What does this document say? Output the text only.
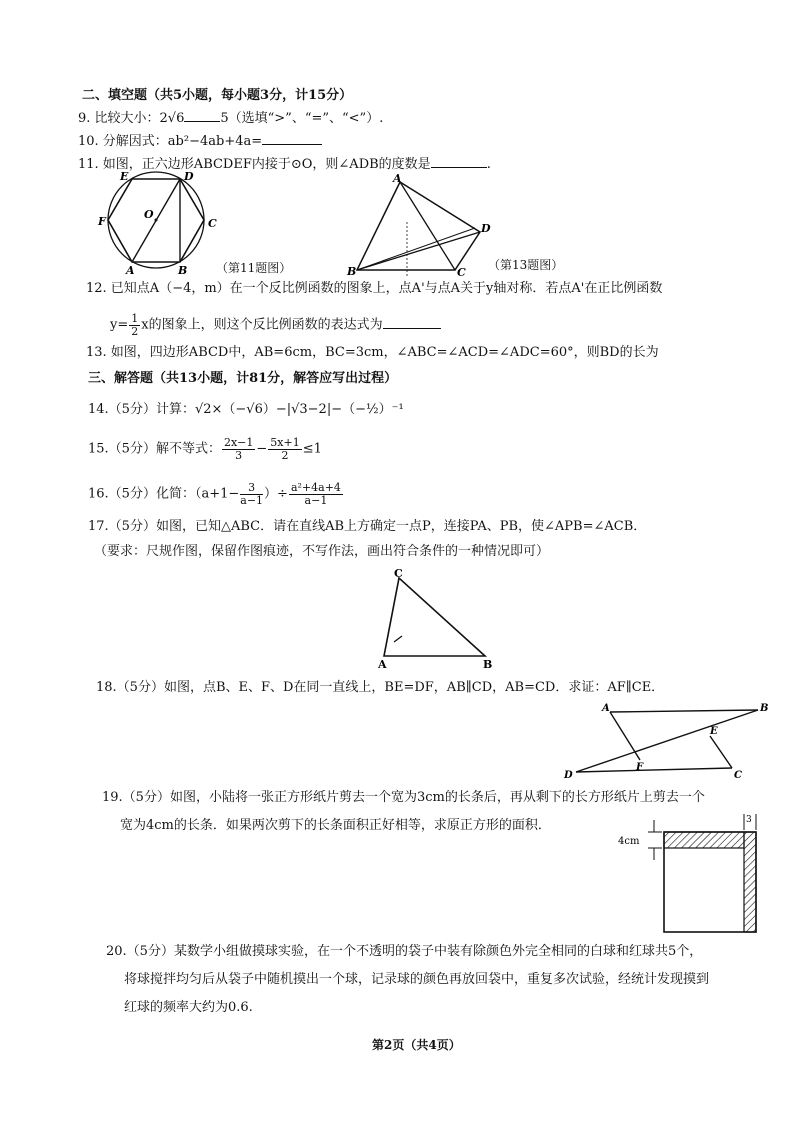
二、填空题（共5小题，每小题3分，计15分）
9. 比较大小：2√6	5（选填“>”、“=”、“<”）.
10. 分解因式：ab²−4ab+4a=
11. 如图，正六边形ABCDEF内接于⊙O，则∠ADB的度数是	.
E	D
F
O
C
A	B （第11题图）
A
D
B	C
（第13题图）
12. 已知点A（−4，m）在一个反比例函数的图象上，点A'与点A关于y轴对称．若点A'在正比例函数
$y= \frac{1}{2}$ x的图象上，则这个反比例函数的表达式为
13. 如图，四边形ABCD中，AB=6cm，BC=3cm，∠ABC=∠ACD=∠ADC=60°，则BD的长为
三、解答题（共13小题，计81分，解答应写出过程）
14.（5分）计算：√2×（−√6）−|√3−2|−（−½）⁻¹
15.（5分）解不等式： $\frac{2x-1}{3} - \frac{5x+1}{2} \le 1$
16.（5分）化简：（$a+1- \frac{3}{a-1}$ ）÷ $\frac{\text{a²+4a+4}}{a-1}$
17.（5分）如图，已知△ABC．请在直线AB上方确定一点P，连接PA、PB，使∠APB=∠ACB．
（要求：尺规作图，保留作图痕迹，不写作法，画出符合条件的一种情况即可）
C
A	B
18.（5分）如图，点B、E、F、D在同一直线上，BE=DF，AB∥CD，AB=CD．求证：AF∥CE．
A	B
E
F
D	C
19.（5分）如图，小陆将一张正方形纸片剪去一个宽为3cm的长条后，再从剩下的长方形纸片上剪去一个
宽为4cm的长条．如果两次剪下的长条面积正好相等，求原正方形的面积．
4cm
3
20.（5分）某数学小组做摸球实验，在一个不透明的袋子中装有除颜色外完全相同的白球和红球共5个，
将球搅拌均匀后从袋子中随机摸出一个球，记录球的颜色再放回袋中，重复多次试验，经统计发现摸到
红球的频率大约为0.6.
第2页（共4页）
